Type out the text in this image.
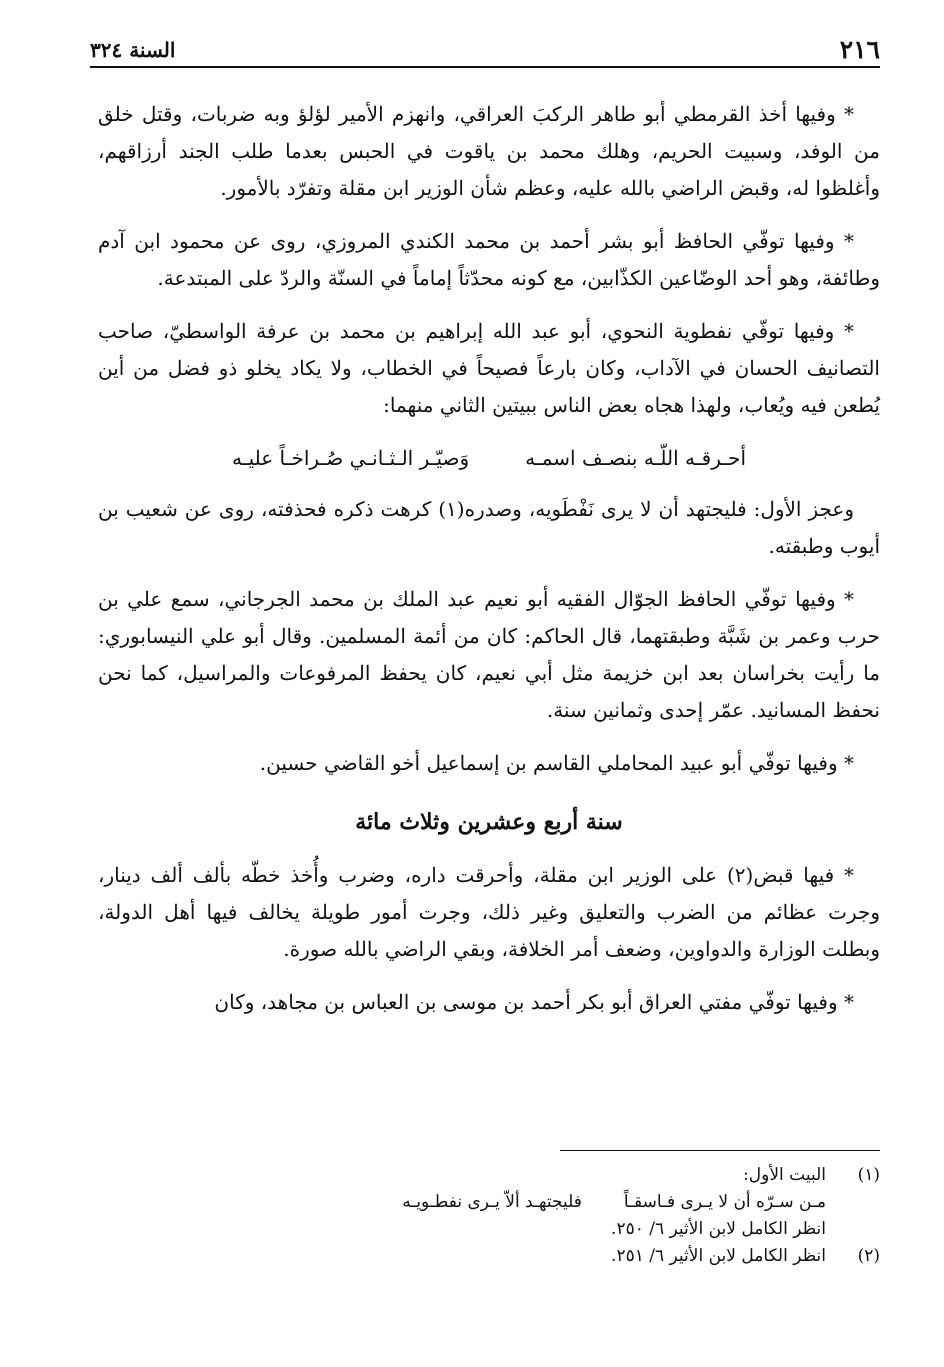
٢١٦
السنة ٣٢٤

* وفيها أخذ القرمطي أبو طاهر الركبَ العراقي، وانهزم الأمير لؤلؤ وبه ضربات، وقتل خلق من الوفد، وسبيت الحريم، وهلك محمد بن ياقوت في الحبس بعدما طلب الجند أرزاقهم، وأغلظوا له، وقبض الراضي بالله عليه، وعظم شأن الوزير ابن مقلة وتفرّد بالأمور.

* وفيها توفّي الحافظ أبو بشر أحمد بن محمد الكندي المروزي، روى عن محمود ابن آدم وطائفة، وهو أحد الوضّاعين الكذّابين، مع كونه محدّثاً إماماً في السنّة والردّ على المبتدعة.

* وفيها توفّي نفطوية النحوي، أبو عبد الله إبراهيم بن محمد بن عرفة الواسطيّ، صاحب التصانيف الحسان في الآداب، وكان بارعاً فصيحاً في الخطاب، ولا يكاد يخلو ذو فضل من أين يُطعن فيه ويُعاب، ولهذا هجاه بعض الناس ببيتين الثاني منهما:

أحـرقـه اللّـه بنصـف اسمـه
وَصيّـر الـثـانـي صُـراخـاً عليـه

وعجز الأول: فليجتهد أن لا يرى نَفْطَويه، وصدره(١) كرهت ذكره فحذفته، روى عن شعيب بن أيوب وطبقته.

* وفيها توفّي الحافظ الجوّال الفقيه أبو نعيم عبد الملك بن محمد الجرجاني، سمع علي بن حرب وعمر بن شَبَّة وطبقتهما، قال الحاكم: كان من أئمة المسلمين. وقال أبو علي النيسابوري: ما رأيت بخراسان بعد ابن خزيمة مثل أبي نعيم، كان يحفظ المرفوعات والمراسيل، كما نحن نحفظ المسانيد. عمّر إحدى وثمانين سنة.

* وفيها توفّي أبو عبيد المحاملي القاسم بن إسماعيل أخو القاضي حسين.

سنة أربع وعشرين وثلاث مائة

* فيها قبض(٢) على الوزير ابن مقلة، وأحرقت داره، وضرب وأُخذ خطّه بألف ألف دينار، وجرت عظائم من الضرب والتعليق وغير ذلك، وجرت أمور طويلة يخالف فيها أهل الدولة، وبطلت الوزارة والدواوين، وضعف أمر الخلافة، وبقي الراضي بالله صورة.

* وفيها توفّي مفتي العراق أبو بكر أحمد بن موسى بن العباس بن مجاهد، وكان

(١)
البيت الأول:
مـن سـرّه أن لا يـرى فـاسقـاً
فليجتهـد ألاّ يـرى نفطـويـه
انظر الكامل لابن الأثير ٦/ ٢٥٠.
(٢)
انظر الكامل لابن الأثير ٦/ ٢٥١.
